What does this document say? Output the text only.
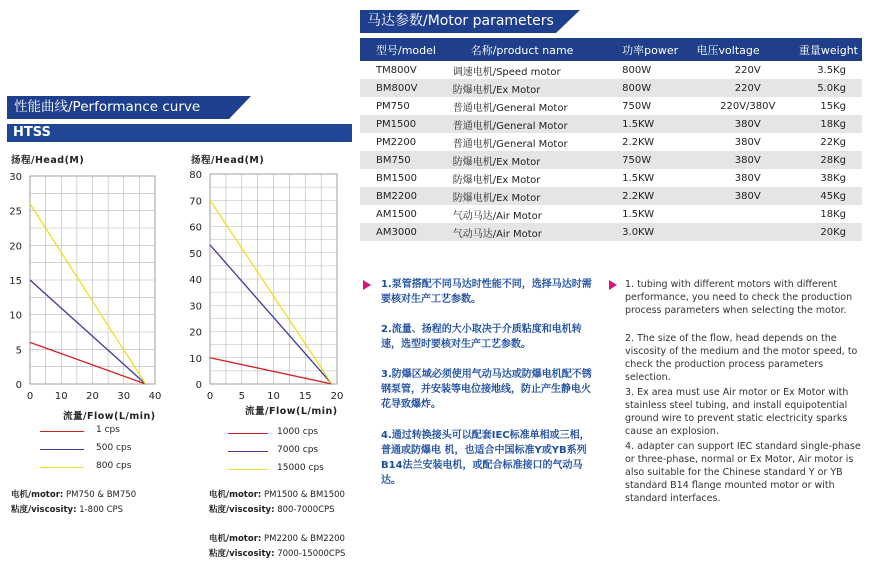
马达参数/Motor parameters
型号/model	名称/product name	功率power	电压voltage	重量weight
TM800V	调速电机/Speed motor	800W	220V	3.5Kg
BM800V	防爆电机/Ex Motor	800W	220V	5.0Kg
PM750	普通电机/General Motor	750W	220V/380V	15Kg
PM1500	普通电机/General Motor	1.5KW	380V	18Kg
PM2200	普通电机/General Motor	2.2KW	380V	22Kg
BM750	防爆电机/Ex Motor	750W	380V	28Kg
BM1500	防爆电机/Ex Motor	1.5KW	380V	38Kg
BM2200	防爆电机/Ex Motor	2.2KW	380V	45Kg
AM1500	气动马达/Air Motor	1.5KW		18Kg
AM3000	气动马达/Air Motor	3.0KW		20Kg
1.泵管搭配不同马达时性能不同，选择马达时需要核对生产工艺参数。
2.流量、扬程的大小取决于介质粘度和电机转速，选型时要核对生产工艺参数。
3.防爆区域必须使用气动马达或防爆电机配不锈钢泵管，并安装等电位接地线，防止产生静电火花导致爆炸。
4.通过转换接头可以配套IEC标准单相或三相，普通或防爆电 机，也适合中国标准Y或YB系列B14法兰安装电机，或配合标准接口的气动马达。
1. tubing with different motors with different performance, you need to check the production process parameters when selecting the motor.
2. The size of the flow, head depends on the viscosity of the medium and the motor speed, to check the production process parameters selection.
3. Ex area must use Air motor or Ex Motor with stainless steel tubing, and install equipotential ground wire to prevent static electricity sparks cause an explosion.
4. adapter can support IEC standard single-phase or three-phase, normal or Ex Motor, Air motor is also suitable for the Chinese standard Y or YB standard B14 flange mounted motor or with standard interfaces.
性能曲线/Performance curve
HTSS
扬程/Head(M)
0 10 20 30 40
0
5
10
15
20
25
30
流量/Flow(L/min)
1 cps
500 cps
800 cps
电机/motor: PM750 & BM750
粘度/viscosity: 1-800 CPS
扬程/Head(M)
0	5 10 15 20
0
10
20
30
40
50
60
70
80
流量/Flow(L/min)
1000 cps
7000 cps
15000 cps
电机/motor: PM1500 & BM1500
粘度/viscosity: 800-7000CPS
电机/motor: PM2200 & BM2200
粘度/viscosity: 7000-15000CPS
